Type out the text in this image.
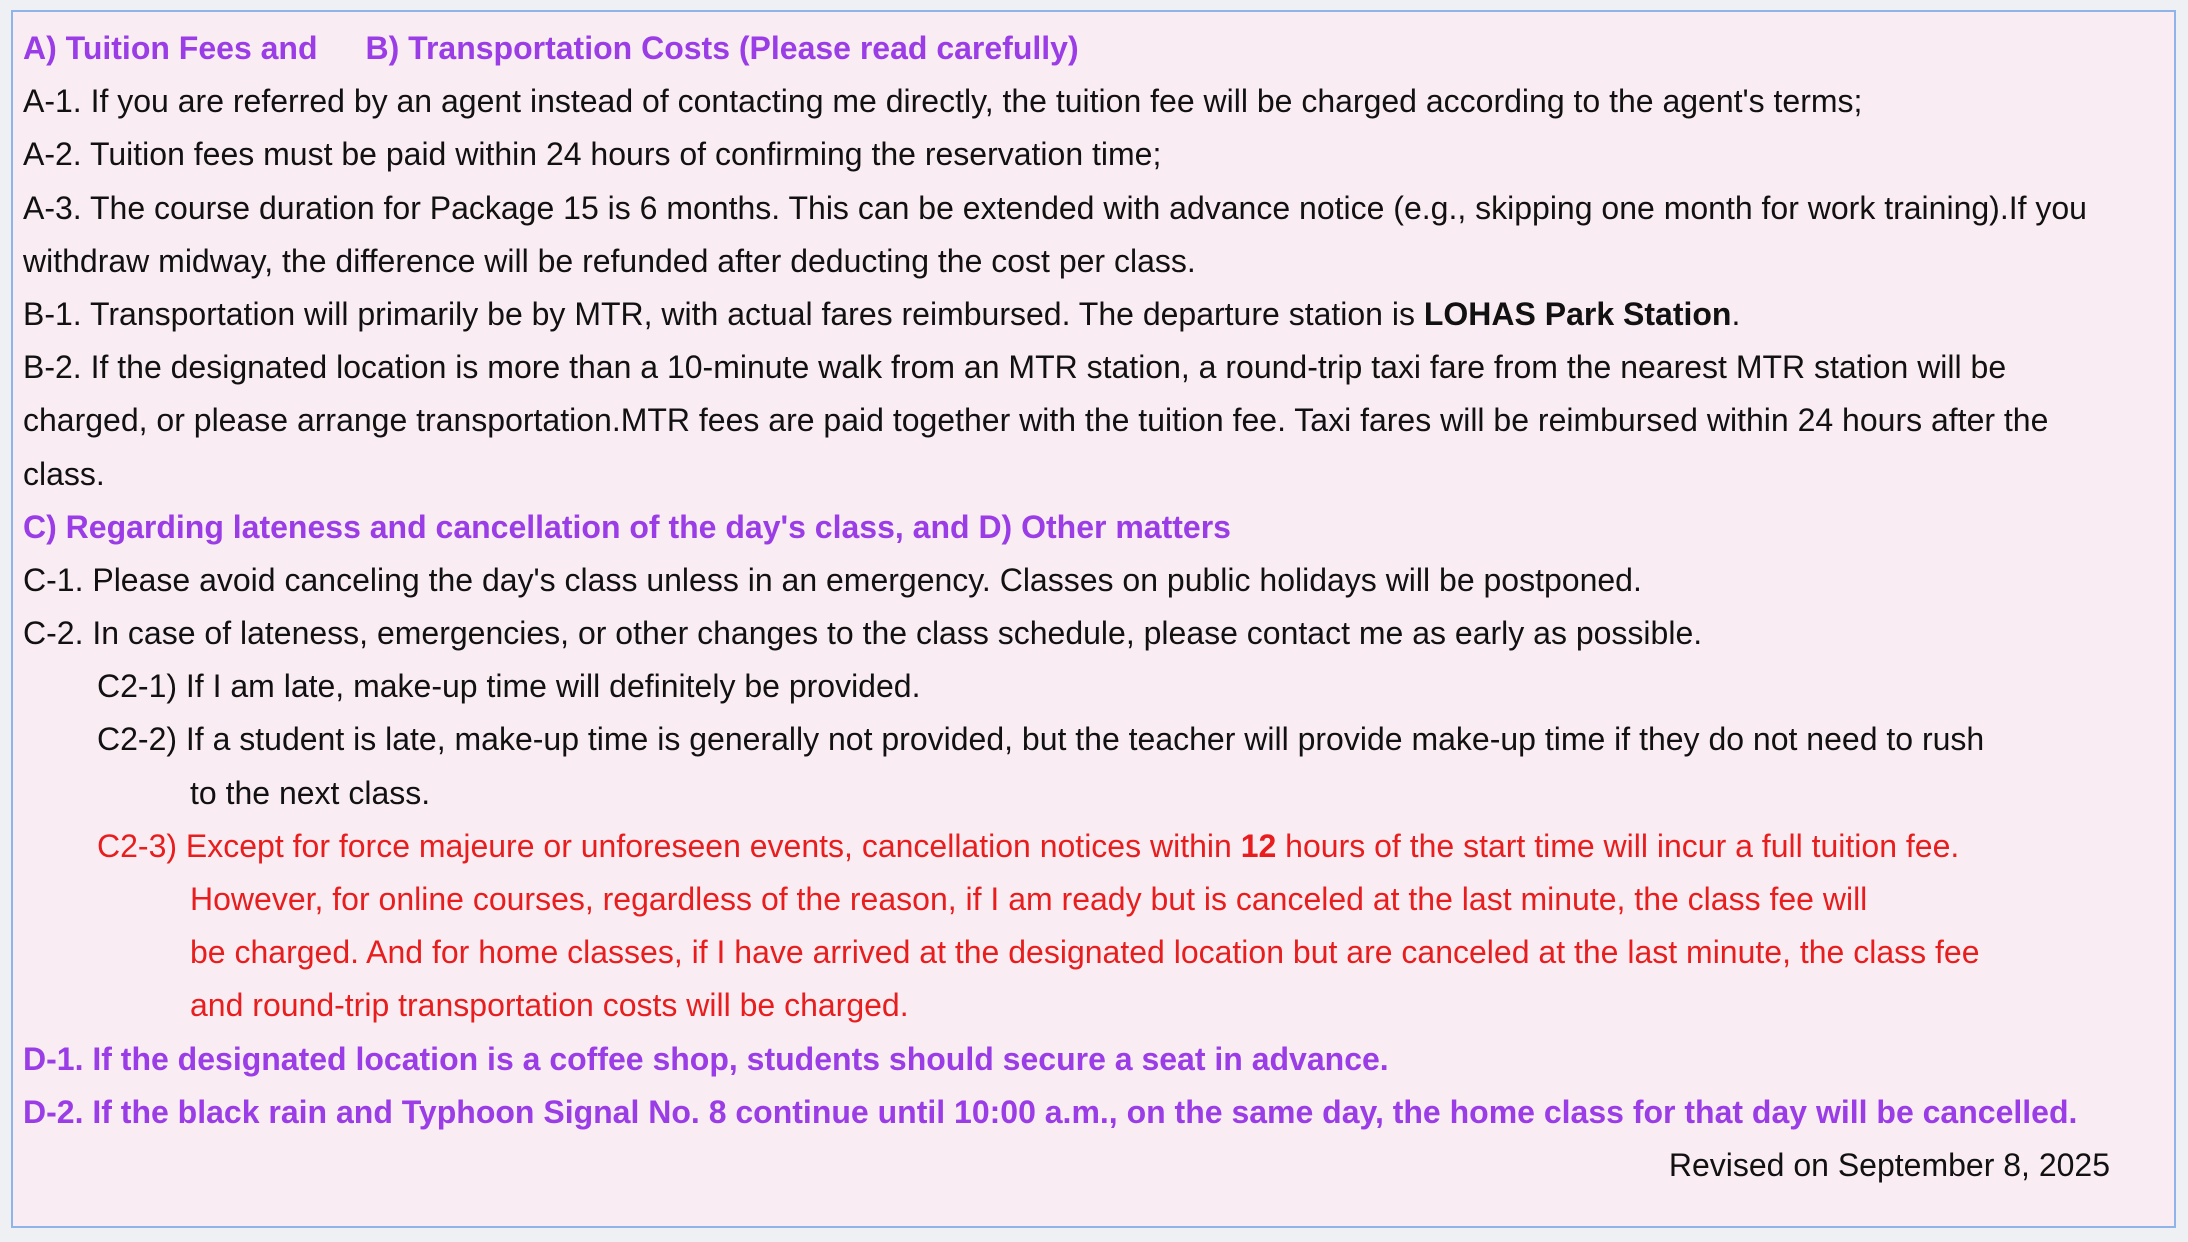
A) Tuition Fees and B) Transportation Costs (Please read carefully)
A-1. If you are referred by an agent instead of contacting me directly, the tuition fee will be charged according to the agent's terms;
A-2. Tuition fees must be paid within 24 hours of confirming the reservation time;
A-3. The course duration for Package 15 is 6 months. This can be extended with advance notice (e.g., skipping one month for work training).If you
withdraw midway, the difference will be refunded after deducting the cost per class.
B-1. Transportation will primarily be by MTR, with actual fares reimbursed. The departure station is LOHAS Park Station.
B-2. If the designated location is more than a 10-minute walk from an MTR station, a round-trip taxi fare from the nearest MTR station will be
charged, or please arrange transportation.MTR fees are paid together with the tuition fee. Taxi fares will be reimbursed within 24 hours after the
class.
C) Regarding lateness and cancellation of the day's class, and D) Other matters
C-1. Please avoid canceling the day's class unless in an emergency. Classes on public holidays will be postponed.
C-2. In case of lateness, emergencies, or other changes to the class schedule, please contact me as early as possible.
C2-1) If I am late, make-up time will definitely be provided.
C2-2) If a student is late, make-up time is generally not provided, but the teacher will provide make-up time if they do not need to rush
to the next class.
C2-3) Except for force majeure or unforeseen events, cancellation notices within 12 hours of the start time will incur a full tuition fee.
However, for online courses, regardless of the reason, if I am ready but is canceled at the last minute, the class fee will
be charged. And for home classes, if I have arrived at the designated location but are canceled at the last minute, the class fee
and round-trip transportation costs will be charged.
D-1. If the designated location is a coffee shop, students should secure a seat in advance.
D-2. If the black rain and Typhoon Signal No. 8 continue until 10:00 a.m., on the same day, the home class for that day will be cancelled.
Revised on September 8, 2025
